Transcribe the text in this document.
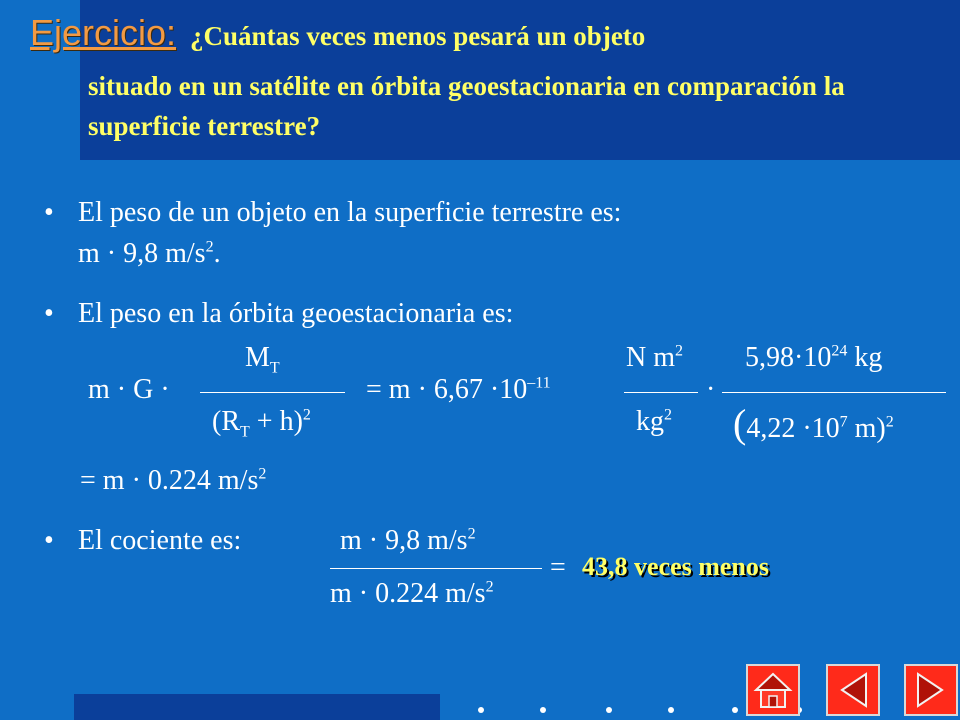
Ejercicio: ¿Cuántas veces menos pesará un objeto
situado en un satélite en órbita geoestacionaria en comparación la superficie terrestre?
• El peso de un objeto en la superficie terrestre es:
m · 9,8 $m/s^2$.
• El peso en la órbita geoestacionaria es:
m · G ·
$M_T$
$(R_T + h)^2$
= $m \cdot 6,67 \cdot 10^{-11}$
N $m^2$
$kg^2$
·
$5,98\cdot 10^{24}$ kg
($4,22 \cdot 10^7$ m)$^2$
= m · 0.224 $m/s^2$
• El cociente es:	m · 9,8 $m/s^2$
m · 0.224 $m/s^2$
= 43,8 veces menos
